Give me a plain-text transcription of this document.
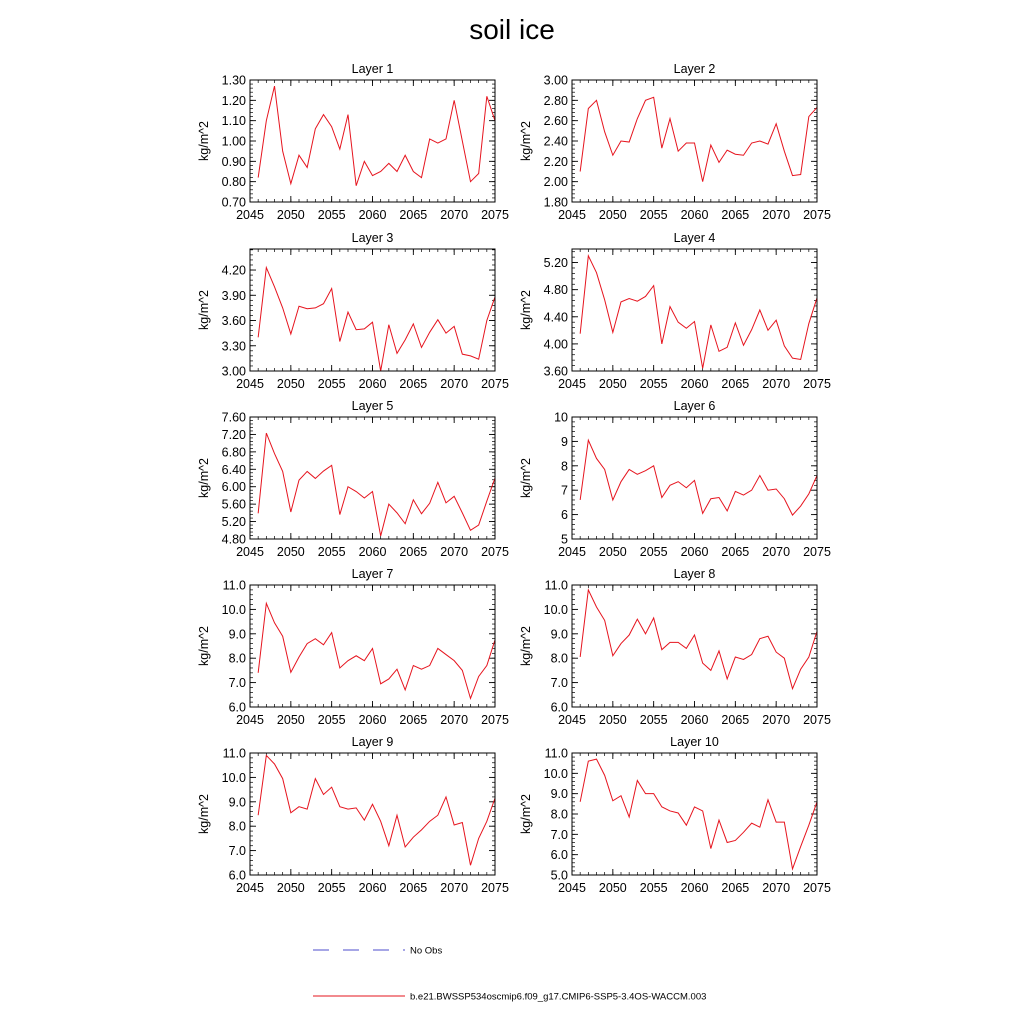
soil ice
Layer 1
kg/m^2
2045 2050 2055 2060 2065 2070 2075
0.70
0.80
0.90
1.00
1.10
1.20
1.30
Layer 2
kg/m^2
2045 2050 2055 2060 2065 2070 2075
1.80
2.00
2.20
2.40
2.60
2.80
3.00
Layer 3
kg/m^2
2045 2050 2055 2060 2065 2070 2075
3.00
3.30
3.60
3.90
4.20
Layer 4
kg/m^2
2045 2050 2055 2060 2065 2070 2075
3.60
4.00
4.40
4.80
5.20
Layer 5
kg/m^2
2045 2050 2055 2060 2065 2070 2075
4.80
5.20
5.60
6.00
6.40
6.80
7.20
7.60
Layer 6
kg/m^2
2045 2050 2055 2060 2065 2070 2075
5
6
7
8
9
10
Layer 7
kg/m^2
2045 2050 2055 2060 2065 2070 2075
6.0
7.0
8.0
9.0
10.0
11.0
Layer 8
kg/m^2
2045 2050 2055 2060 2065 2070 2075
6.0
7.0
8.0
9.0
10.0
11.0
Layer 9
kg/m^2
2045 2050 2055 2060 2065 2070 2075
6.0
7.0
8.0
9.0
10.0
11.0
Layer 10
kg/m^2
2045 2050 2055 2060 2065 2070 2075
5.0
6.0
7.0
8.0
9.0
10.0
11.0
No Obs
b.e21.BWSSP534oscmip6.f09_g17.CMIP6-SSP5-3.4OS-WACCM.003
